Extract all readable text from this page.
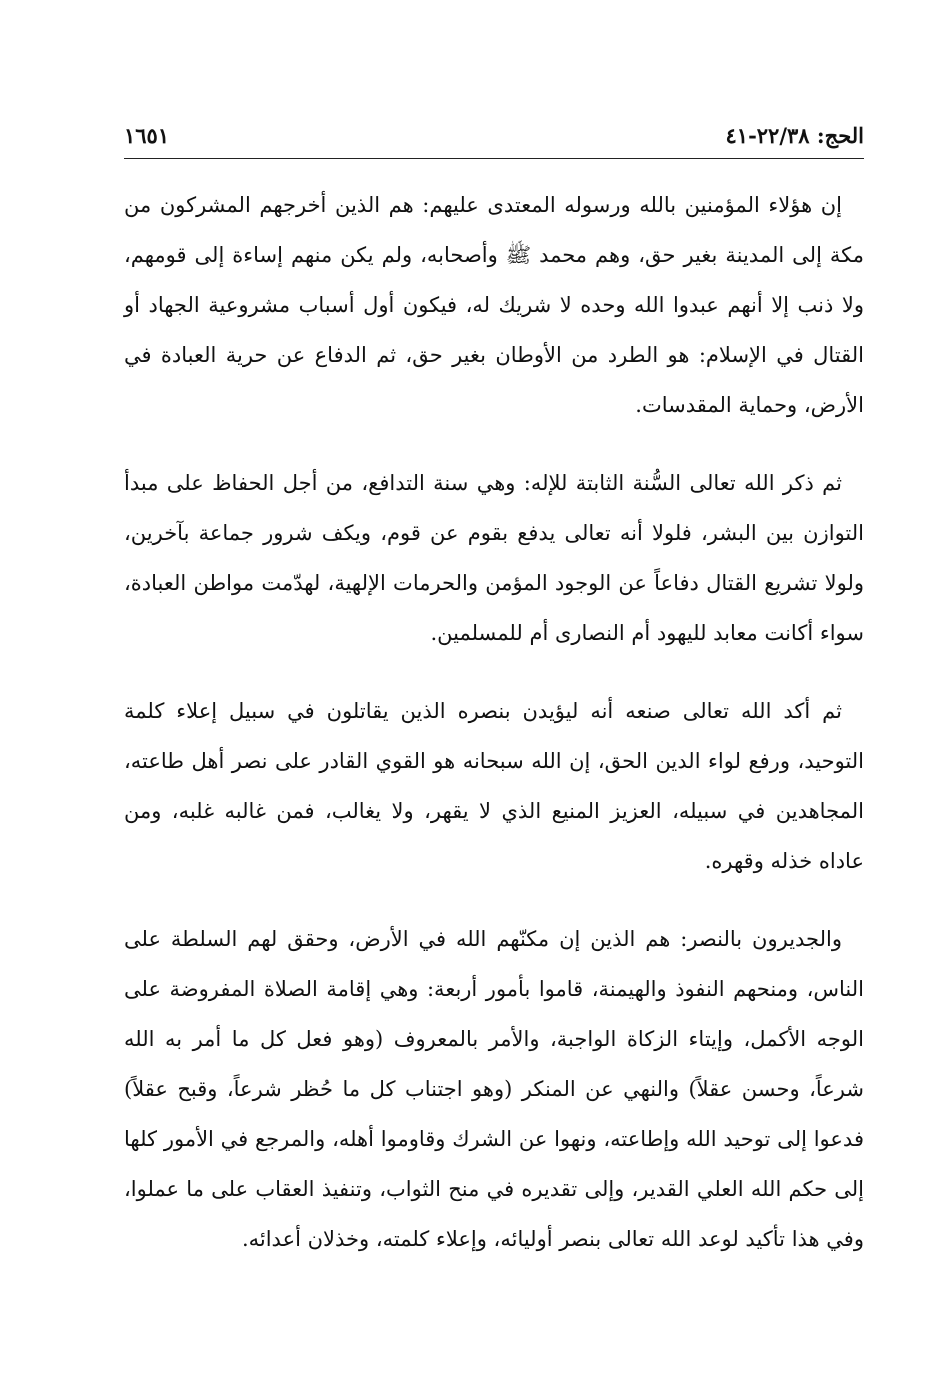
الحج: ٢٢/٣٨-٤١
١٦٥١

إن هؤلاء المؤمنين بالله ورسوله المعتدى عليهم: هم الذين أخرجهم المشركون من مكة إلى المدينة بغير حق، وهم محمد ﷺ وأصحابه، ولم يكن منهم إساءة إلى قومهم، ولا ذنب إلا أنهم عبدوا الله وحده لا شريك له، فيكون أول أسباب مشروعية الجهاد أو القتال في الإسلام: هو الطرد من الأوطان بغير حق، ثم الدفاع عن حرية العبادة في الأرض، وحماية المقدسات.

ثم ذكر الله تعالى السُّنة الثابتة للإله: وهي سنة التدافع، من أجل الحفاظ على مبدأ التوازن بين البشر، فلولا أنه تعالى يدفع بقوم عن قوم، ويكف شرور جماعة بآخرين، ولولا تشريع القتال دفاعاً عن الوجود المؤمن والحرمات الإلهية، لهدّمت مواطن العبادة، سواء أكانت معابد لليهود أم النصارى أم للمسلمين.

ثم أكد الله تعالى صنعه أنه ليؤيدن بنصره الذين يقاتلون في سبيل إعلاء كلمة التوحيد، ورفع لواء الدين الحق، إن الله سبحانه هو القوي القادر على نصر أهل طاعته، المجاهدين في سبيله، العزيز المنيع الذي لا يقهر، ولا يغالب، فمن غالبه غلبه، ومن عاداه خذله وقهره.

والجديرون بالنصر: هم الذين إن مكنّهم الله في الأرض، وحقق لهم السلطة على الناس، ومنحهم النفوذ والهيمنة، قاموا بأمور أربعة: وهي إقامة الصلاة المفروضة على الوجه الأكمل، وإيتاء الزكاة الواجبة، والأمر بالمعروف (وهو فعل كل ما أمر به الله شرعاً، وحسن عقلاً) والنهي عن المنكر (وهو اجتناب كل ما حُظر شرعاً، وقبح عقلاً) فدعوا إلى توحيد الله وإطاعته، ونهوا عن الشرك وقاوموا أهله، والمرجع في الأمور كلها إلى حكم الله العلي القدير، وإلى تقديره في منح الثواب، وتنفيذ العقاب على ما عملوا، وفي هذا تأكيد لوعد الله تعالى بنصر أوليائه، وإعلاء كلمته، وخذلان أعدائه.
